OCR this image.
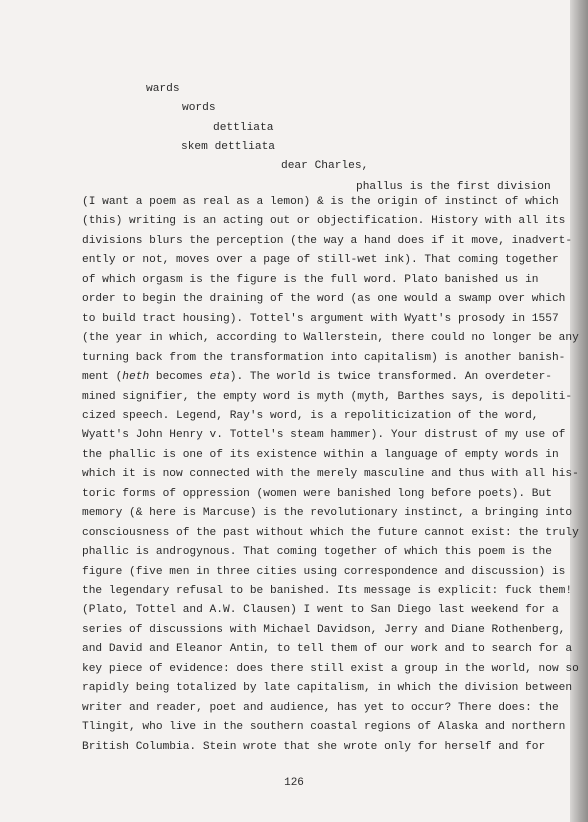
wards
words
dettliata
skem dettliata
dear Charles,
phallus is the first division
(I want a poem as real as a lemon) & is the origin of instinct of which
(this) writing is an acting out or objectification. History with all its
divisions blurs the perception (the way a hand does if it move, inadvert-
ently or not, moves over a page of still-wet ink). That coming together
of which orgasm is the figure is the full word. Plato banished us in
order to begin the draining of the word (as one would a swamp over which
to build tract housing). Tottel's argument with Wyatt's prosody in 1557
(the year in which, according to Wallerstein, there could no longer be any
turning back from the transformation into capitalism) is another banish-
ment (heth becomes eta). The world is twice transformed. An overdeter-
mined signifier, the empty word is myth (myth, Barthes says, is depoliti-
cized speech. Legend, Ray's word, is a repoliticization of the word,
Wyatt's John Henry v. Tottel's steam hammer). Your distrust of my use of
the phallic is one of its existence within a language of empty words in
which it is now connected with the merely masculine and thus with all his-
toric forms of oppression (women were banished long before poets). But
memory (& here is Marcuse) is the revolutionary instinct, a bringing into
consciousness of the past without which the future cannot exist: the truly
phallic is androgynous. That coming together of which this poem is the
figure (five men in three cities using correspondence and discussion) is
the legendary refusal to be banished. Its message is explicit: fuck them!
(Plato, Tottel and A.W. Clausen) I went to San Diego last weekend for a
series of discussions with Michael Davidson, Jerry and Diane Rothenberg,
and David and Eleanor Antin, to tell them of our work and to search for a
key piece of evidence: does there still exist a group in the world, now so
rapidly being totalized by late capitalism, in which the division between
writer and reader, poet and audience, has yet to occur? There does: the
Tlingit, who live in the southern coastal regions of Alaska and northern
British Columbia. Stein wrote that she wrote only for herself and for
126
